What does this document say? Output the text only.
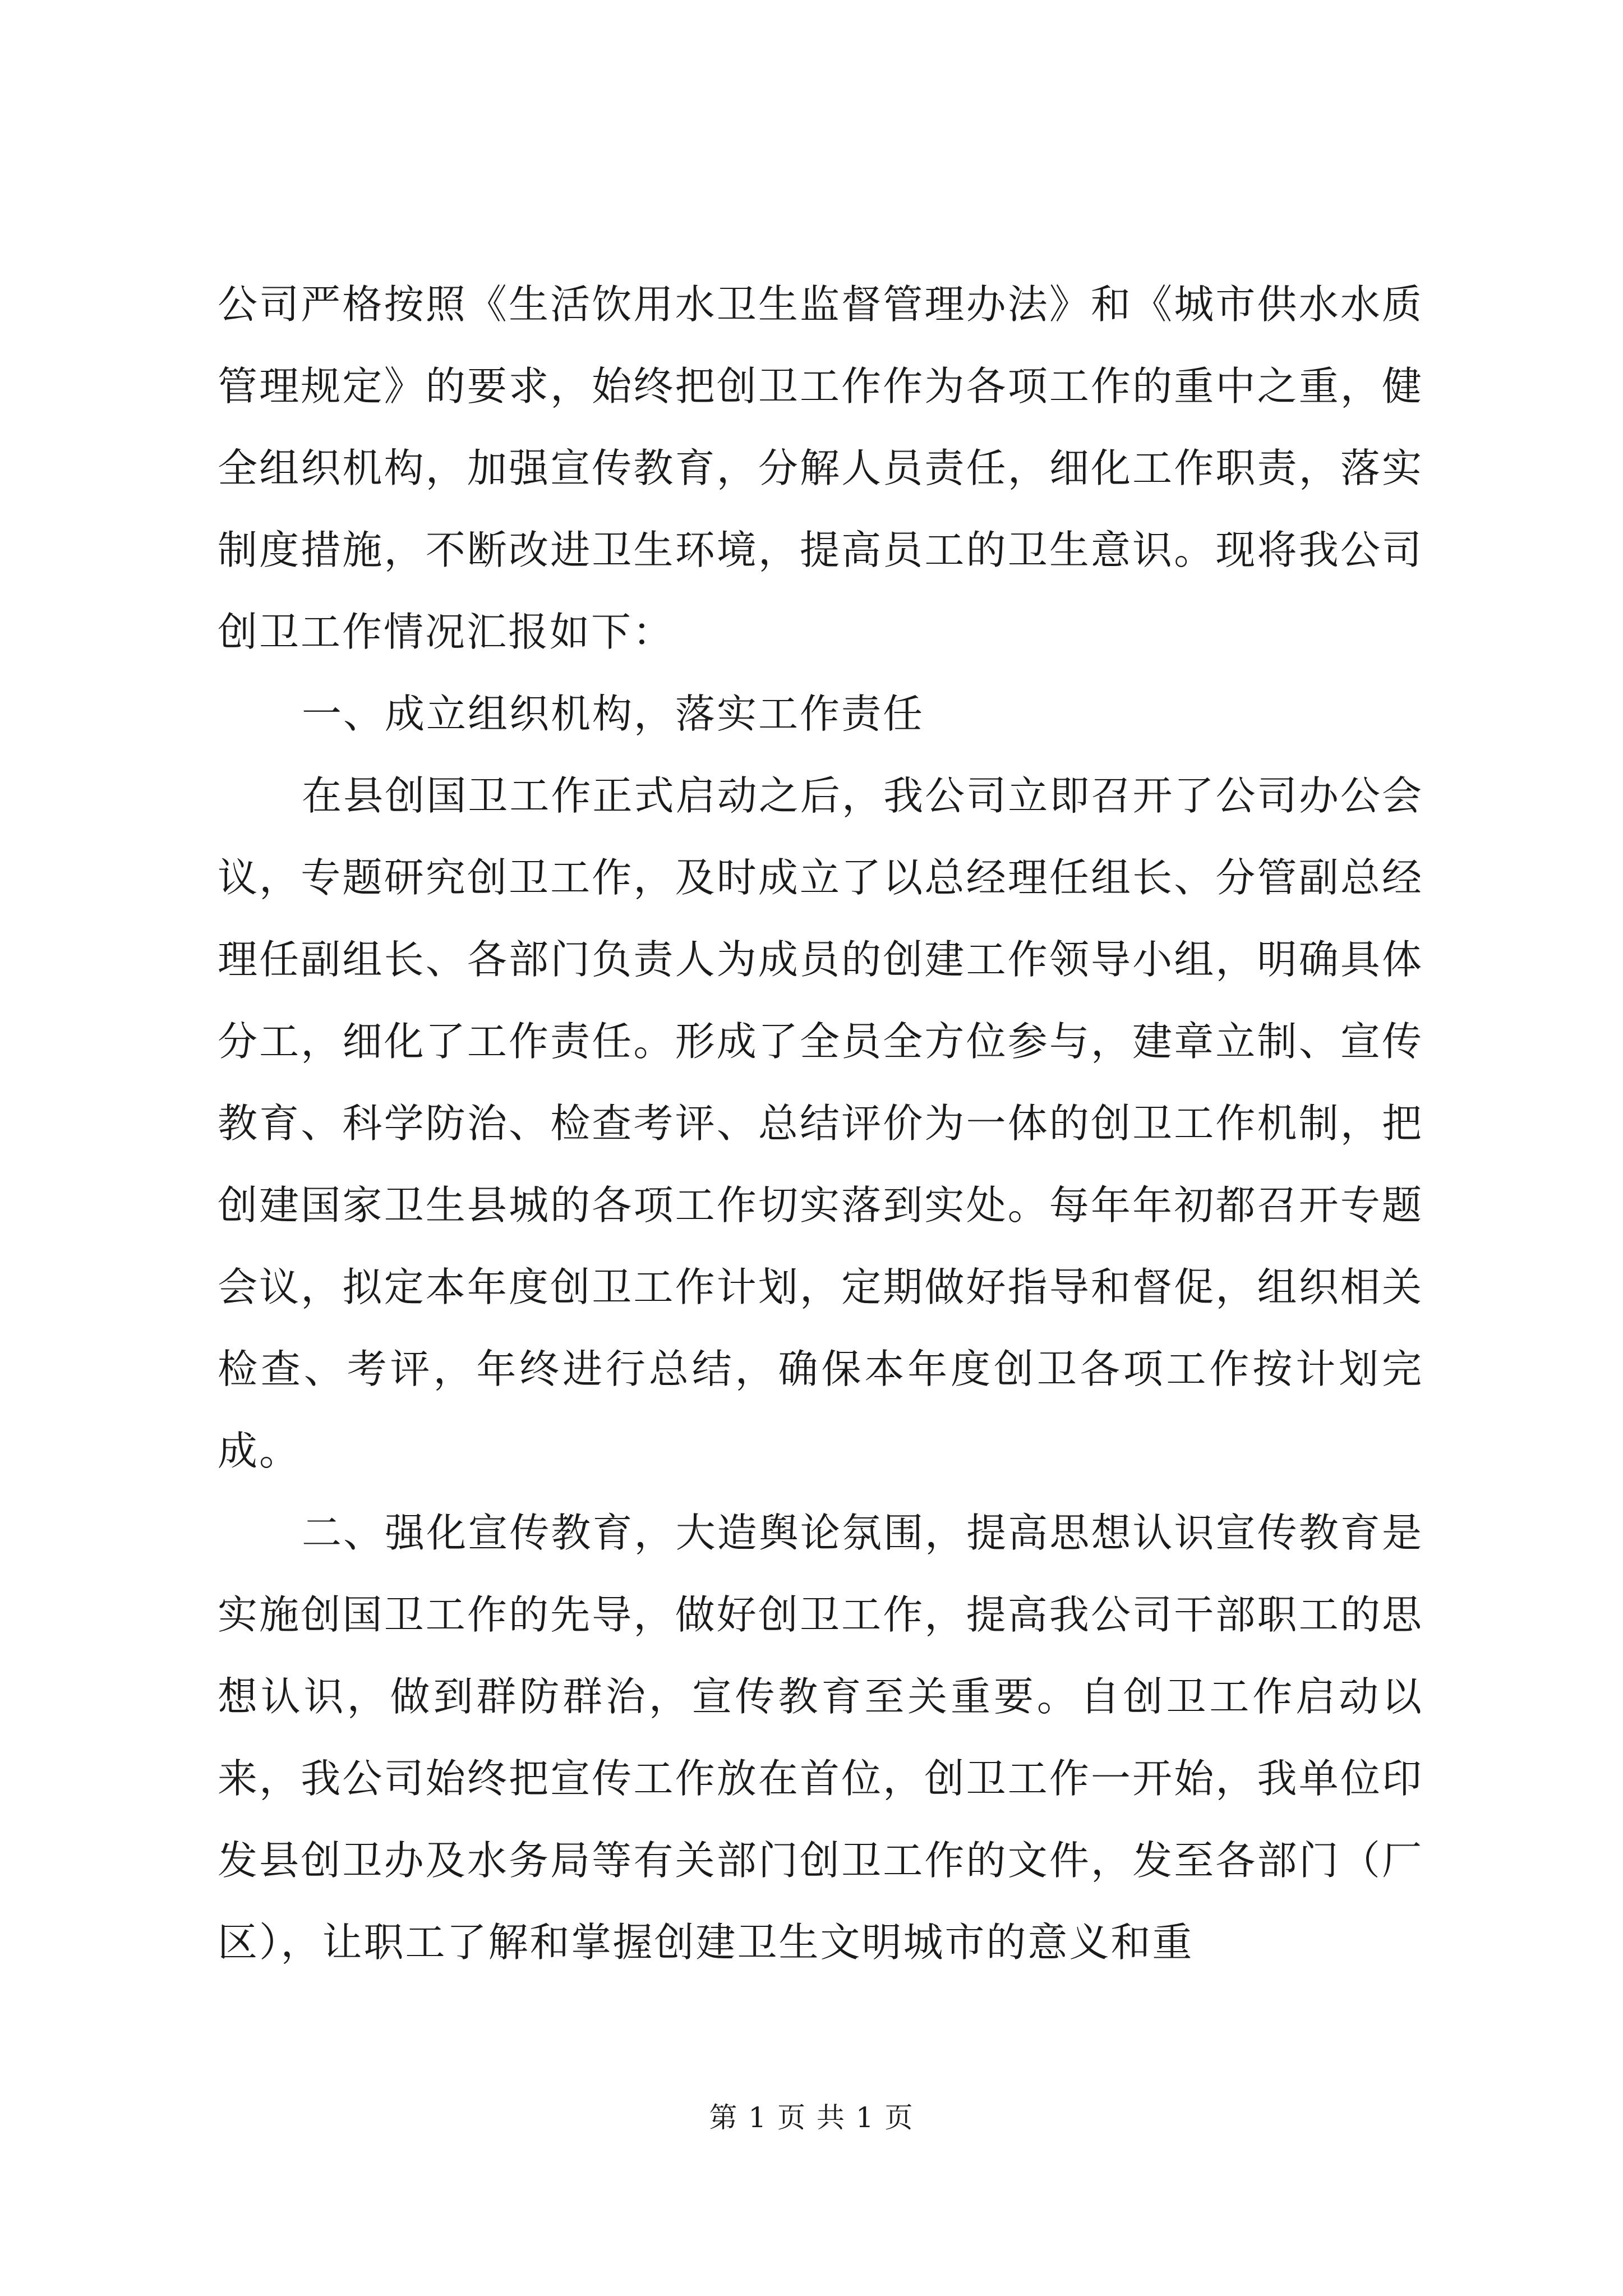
公司严格按照《生活饮用水卫生监督管理办法》和《城市供水水质管理规定》的要求，始终把创卫工作作为各项工作的重中之重，健全组织机构，加强宣传教育，分解人员责任，细化工作职责，落实制度措施，不断改进卫生环境，提高员工的卫生意识。现将我公司创卫工作情况汇报如下：

一、成立组织机构，落实工作责任

在县创国卫工作正式启动之后，我公司立即召开了公司办公会议，专题研究创卫工作，及时成立了以总经理任组长、分管副总经理任副组长、各部门负责人为成员的创建工作领导小组，明确具体分工，细化了工作责任。形成了全员全方位参与，建章立制、宣传教育、科学防治、检查考评、总结评价为一体的创卫工作机制，把创建国家卫生县城的各项工作切实落到实处。每年年初都召开专题会议，拟定本年度创卫工作计划，定期做好指导和督促，组织相关检查、考评，年终进行总结，确保本年度创卫各项工作按计划完成。

二、强化宣传教育，大造舆论氛围，提高思想认识宣传教育是实施创国卫工作的先导，做好创卫工作，提高我公司干部职工的思想认识，做到群防群治，宣传教育至关重要。自创卫工作启动以来，我公司始终把宣传工作放在首位，创卫工作一开始，我单位印发县创卫办及水务局等有关部门创卫工作的文件，发至各部门（厂区），让职工了解和掌握创建卫生文明城市的意义和重

第 1 页 共 1 页
